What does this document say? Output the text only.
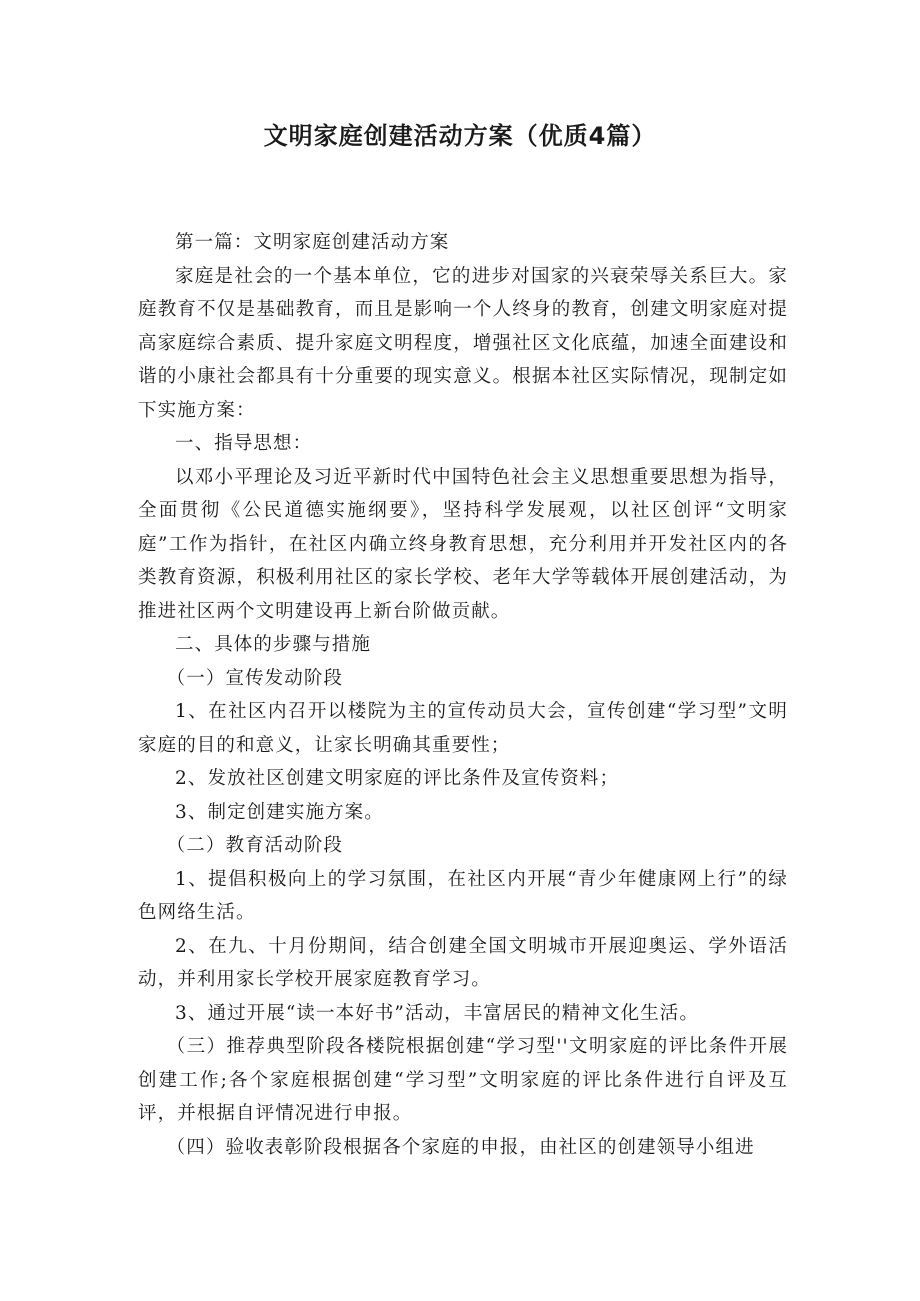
文明家庭创建活动方案（优质4篇）

第一篇：文明家庭创建活动方案

家庭是社会的一个基本单位，它的进步对国家的兴衰荣辱关系巨大。家庭教育不仅是基础教育，而且是影响一个人终身的教育，创建文明家庭对提高家庭综合素质、提升家庭文明程度，增强社区文化底蕴，加速全面建设和谐的小康社会都具有十分重要的现实意义。根据本社区实际情况，现制定如下实施方案：

一、指导思想：

以邓小平理论及习近平新时代中国特色社会主义思想重要思想为指导，全面贯彻《公民道德实施纲要》，坚持科学发展观，以社区创评“文明家庭”工作为指针，在社区内确立终身教育思想，充分利用并开发社区内的各类教育资源，积极利用社区的家长学校、老年大学等载体开展创建活动，为推进社区两个文明建设再上新台阶做贡献。

二、具体的步骤与措施

（一）宣传发动阶段

1、在社区内召开以楼院为主的宣传动员大会，宣传创建“学习型”文明家庭的目的和意义，让家长明确其重要性；

2、发放社区创建文明家庭的评比条件及宣传资料；

3、制定创建实施方案。

（二）教育活动阶段

1、提倡积极向上的学习氛围，在社区内开展“青少年健康网上行”的绿色网络生活。

2、在九、十月份期间，结合创建全国文明城市开展迎奥运、学外语活动，并利用家长学校开展家庭教育学习。

3、通过开展“读一本好书”活动，丰富居民的精神文化生活。

（三）推荐典型阶段各楼院根据创建“学习型''文明家庭的评比条件开展创建工作;各个家庭根据创建“学习型”文明家庭的评比条件进行自评及互评，并根据自评情况进行申报。

（四）验收表彰阶段根据各个家庭的申报，由社区的创建领导小组进
